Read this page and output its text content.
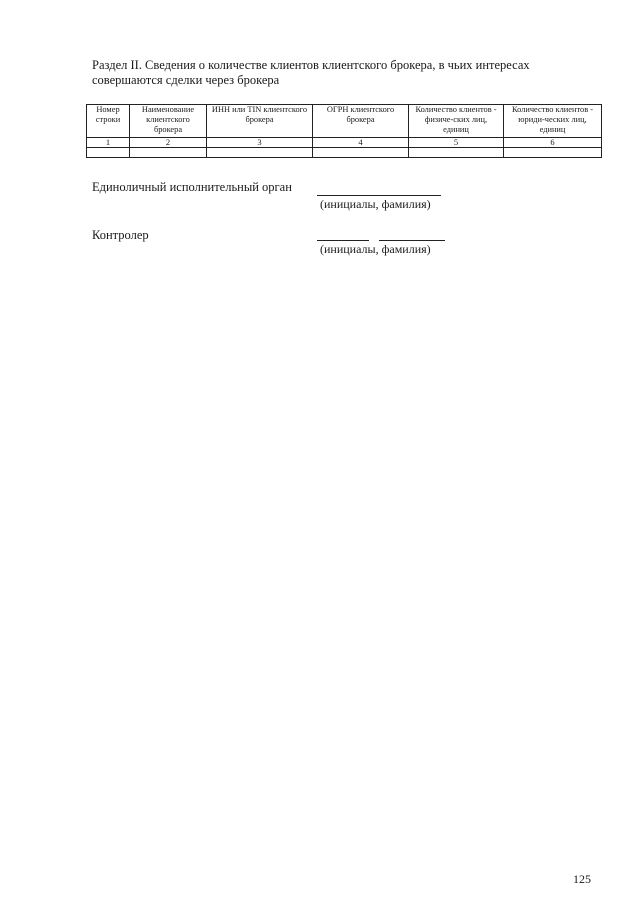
Раздел II. Сведения о количестве клиентов клиентского брокера, в чьих интересах
совершаются сделки через брокера
Номер строки	Наименование клиентского брокера	ИНН или TIN клиентского брокера	ОГРН клиентского брокера	Количество клиентов - физиче-ских лиц, единиц	Количество клиентов - юриди-ческих лиц, единиц
1	2	3	4	5	6

Единоличный исполнительный орган
(инициалы, фамилия)
Контролер
(инициалы, фамилия)
125
